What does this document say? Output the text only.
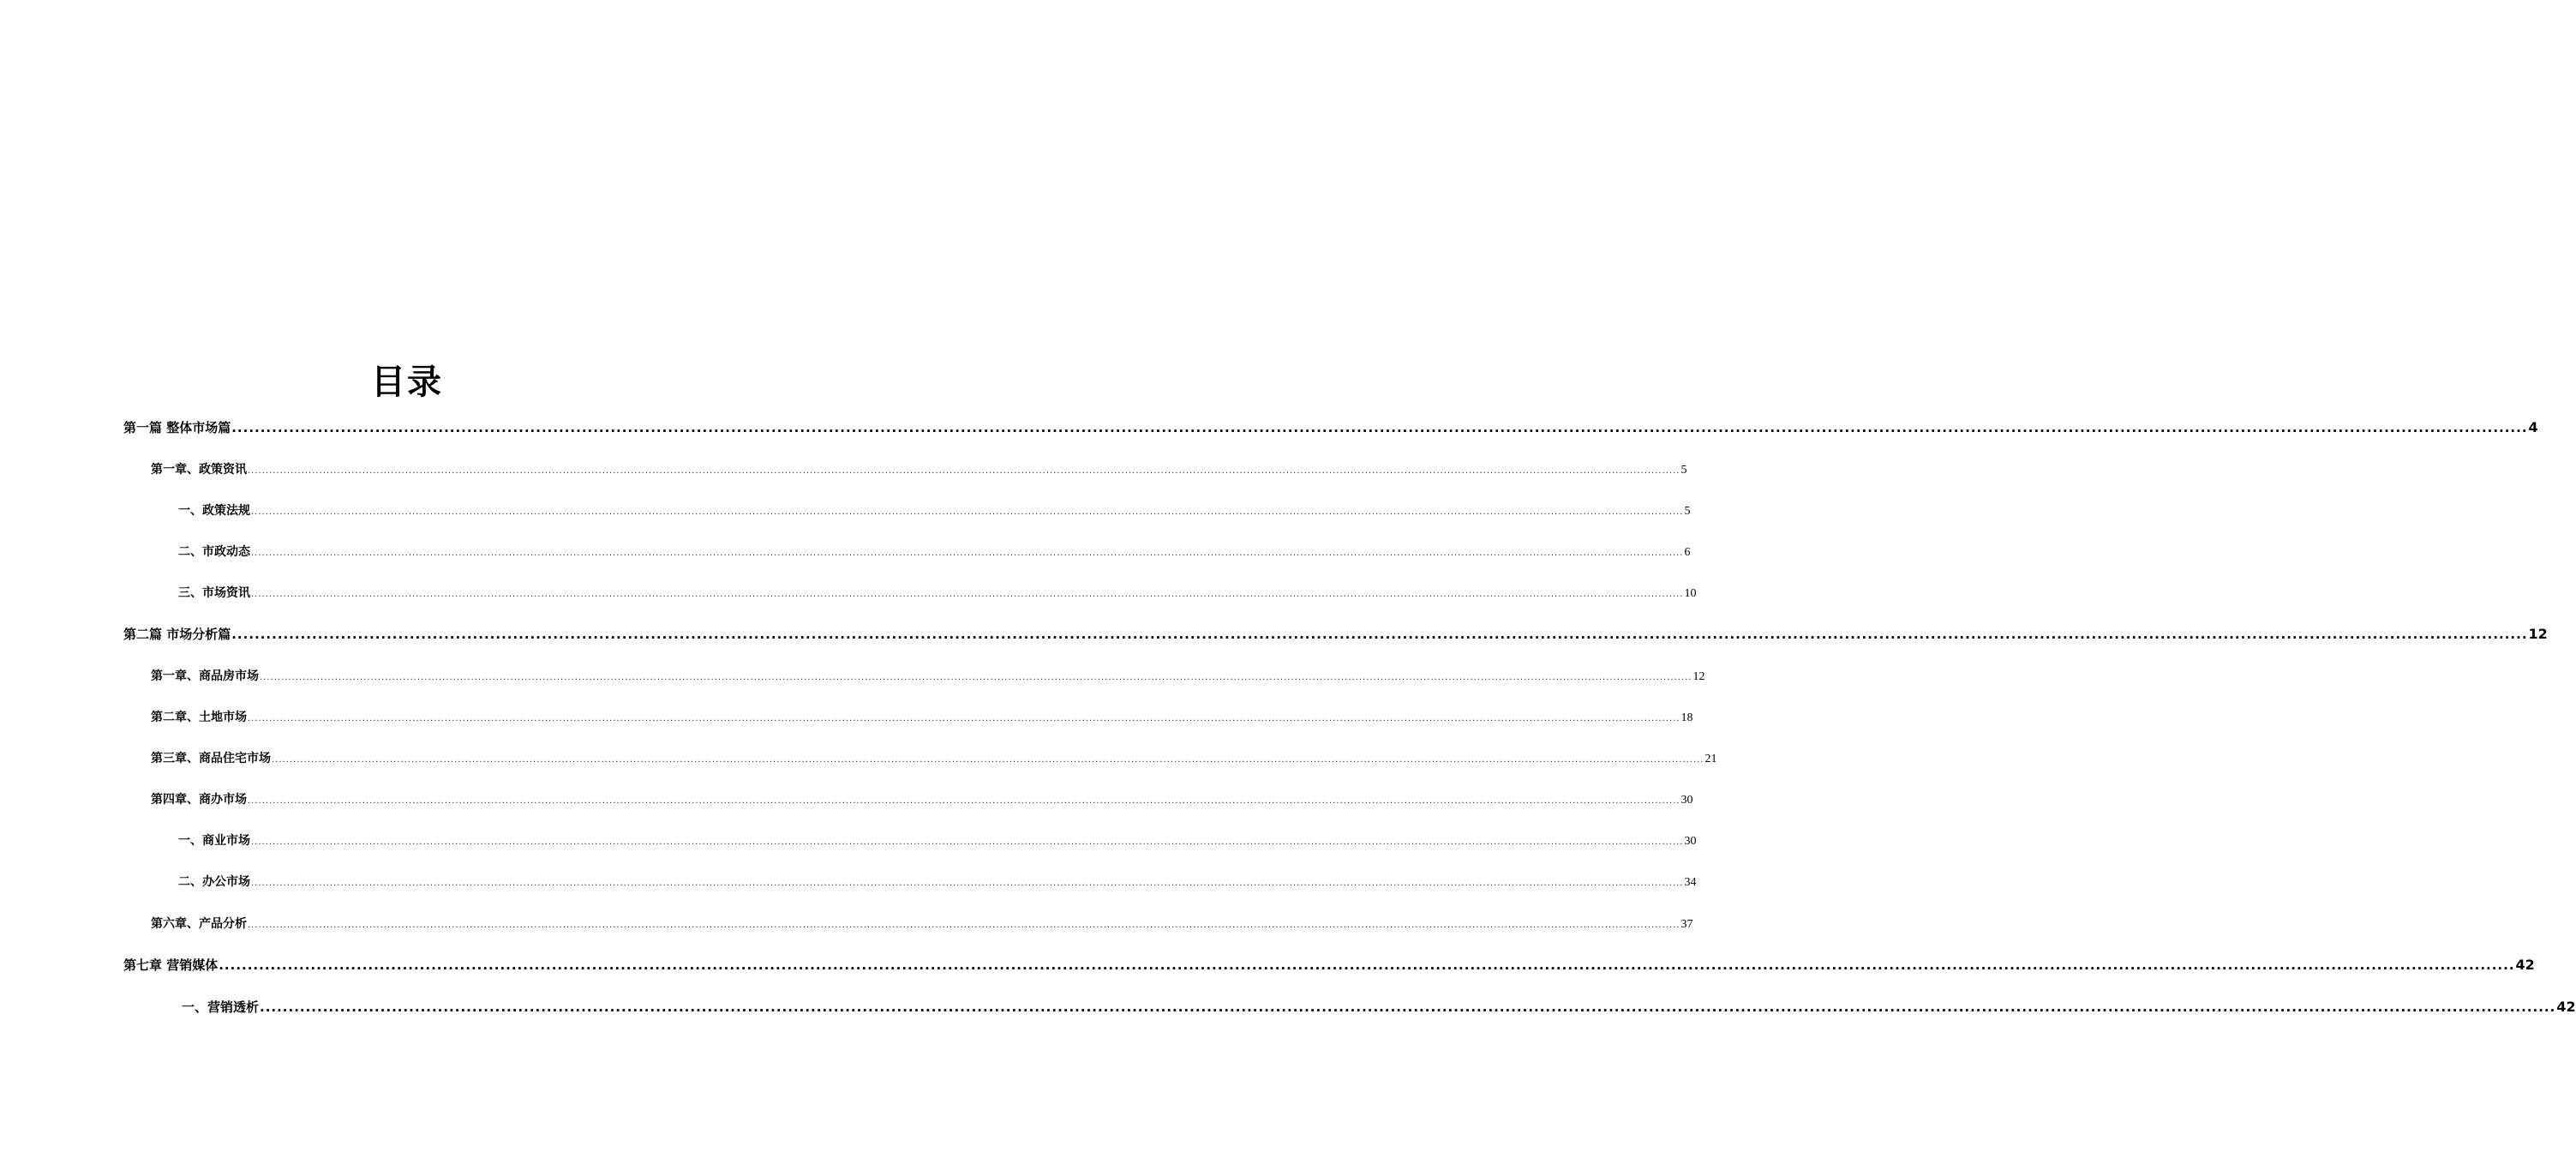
目录
第一篇 整体市场篇 ................................................................................................................................................................................................................................................................................................................................................................................................................ 4
第一章、政策资讯 ................................................................................................................................................................................................................................................................................................................................................................................................................ 5
一、政策法规 ................................................................................................................................................................................................................................................................................................................................................................................................................ 5
二、市政动态 ................................................................................................................................................................................................................................................................................................................................................................................................................ 6
三、市场资讯 ................................................................................................................................................................................................................................................................................................................................................................................................................ 10
第二篇 市场分析篇 ................................................................................................................................................................................................................................................................................................................................................................................................................ 12
第一章、商品房市场 ................................................................................................................................................................................................................................................................................................................................................................................................................ 12
第二章、土地市场 ................................................................................................................................................................................................................................................................................................................................................................................................................ 18
第三章、商品住宅市场 ................................................................................................................................................................................................................................................................................................................................................................................................................ 21
第四章、商办市场 ................................................................................................................................................................................................................................................................................................................................................................................................................ 30
一、商业市场 ................................................................................................................................................................................................................................................................................................................................................................................................................ 30
二、办公市场 ................................................................................................................................................................................................................................................................................................................................................................................................................ 34
第六章、产品分析 ................................................................................................................................................................................................................................................................................................................................................................................................................ 37
第七章 营销媒体 ................................................................................................................................................................................................................................................................................................................................................................................................................ 42
一、营销透析 ................................................................................................................................................................................................................................................................................................................................................................................................................ 42
